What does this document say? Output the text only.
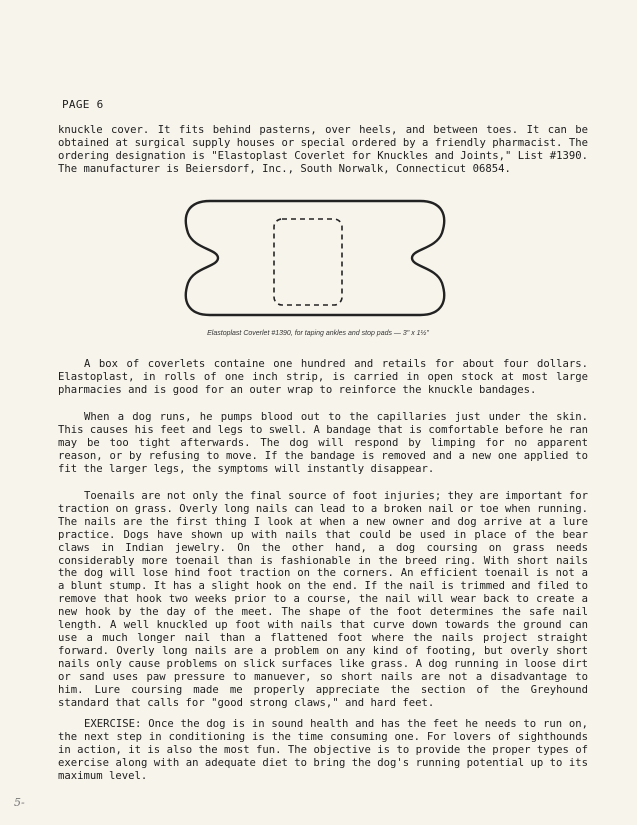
PAGE 6

knuckle cover. It fits behind pasterns, over heels, and between toes. It can be obtained at surgical supply houses or special ordered by a friendly pharmacist. The ordering designation is "Elastoplast Coverlet for Knuckles and Joints," List #1390. The manufacturer is Beiersdorf, Inc., South Norwalk, Connecticut 06854.

Elastoplast Coverlet #1390, for taping ankles and stop pads — 3" x 1½"

A box of coverlets containe one hundred and retails for about four dollars. Elastoplast, in rolls of one inch strip, is carried in open stock at most large pharmacies and is good for an outer wrap to reinforce the knuckle bandages.

When a dog runs, he pumps blood out to the capillaries just under the skin. This causes his feet and legs to swell. A bandage that is comfortable before he ran may be too tight afterwards. The dog will respond by limping for no apparent reason, or by refusing to move. If the bandage is removed and a new one applied to fit the larger legs, the symptoms will instantly disappear.

Toenails are not only the final source of foot injuries; they are important for traction on grass. Overly long nails can lead to a broken nail or toe when running. The nails are the first thing I look at when a new owner and dog arrive at a lure practice. Dogs have shown up with nails that could be used in place of the bear claws in Indian jewelry. On the other hand, a dog coursing on grass needs considerably more toenail than is fashionable in the breed ring. With short nails the dog will lose hind foot traction on the corners. An efficient toenail is not a a blunt stump. It has a slight hook on the end. If the nail is trimmed and filed to remove that hook two weeks prior to a course, the nail will wear back to create a new hook by the day of the meet. The shape of the foot determines the safe nail length. A well knuckled up foot with nails that curve down towards the ground can use a much longer nail than a flattened foot where the nails project straight forward. Overly long nails are a problem on any kind of footing, but overly short nails only cause problems on slick surfaces like grass. A dog running in loose dirt or sand uses paw pressure to manuever, so short nails are not a disadvantage to him. Lure coursing made me properly appreciate the section of the Greyhound standard that calls for "good strong claws," and hard feet.

EXERCISE: Once the dog is in sound health and has the feet he needs to run on, the next step in conditioning is the time consuming one. For lovers of sighthounds in action, it is also the most fun. The objective is to provide the proper types of exercise along with an adequate diet to bring the dog's running potential up to its maximum level.

5-
